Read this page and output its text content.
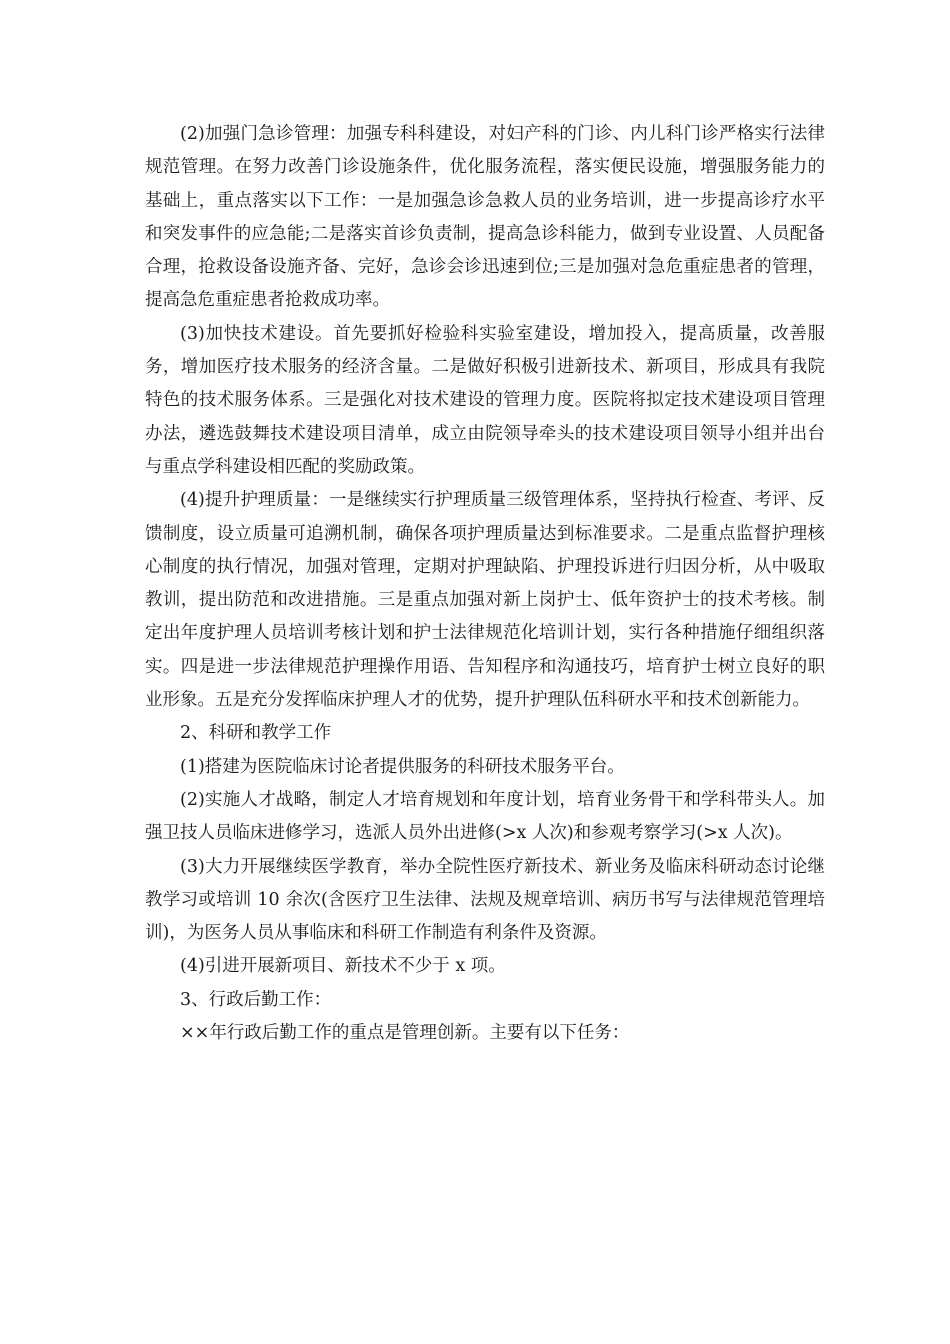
(2)加强门急诊管理：加强专科科建设，对妇产科的门诊、内儿科门诊严格实行法律规范管理。在努力改善门诊设施条件，优化服务流程，落实便民设施，增强服务能力的基础上，重点落实以下工作：一是加强急诊急救人员的业务培训，进一步提高诊疗水平和突发事件的应急能;二是落实首诊负责制，提高急诊科能力，做到专业设置、人员配备合理，抢救设备设施齐备、完好，急诊会诊迅速到位;三是加强对急危重症患者的管理，提高急危重症患者抢救成功率。

(3)加快技术建设。首先要抓好检验科实验室建设，增加投入，提高质量，改善服务，增加医疗技术服务的经济含量。二是做好积极引进新技术、新项目，形成具有我院特色的技术服务体系。三是强化对技术建设的管理力度。医院将拟定技术建设项目管理办法，遴选鼓舞技术建设项目清单，成立由院领导牵头的技术建设项目领导小组并出台与重点学科建设相匹配的奖励政策。

(4)提升护理质量：一是继续实行护理质量三级管理体系，坚持执行检查、考评、反馈制度，设立质量可追溯机制，确保各项护理质量达到标准要求。二是重点监督护理核心制度的执行情况，加强对管理，定期对护理缺陷、护理投诉进行归因分析，从中吸取教训，提出防范和改进措施。三是重点加强对新上岗护士、低年资护士的技术考核。制定出年度护理人员培训考核计划和护士法律规范化培训计划，实行各种措施仔细组织落实。四是进一步法律规范护理操作用语、告知程序和沟通技巧，培育护士树立良好的职业形象。五是充分发挥临床护理人才的优势，提升护理队伍科研水平和技术创新能力。

2、科研和教学工作

(1)搭建为医院临床讨论者提供服务的科研技术服务平台。

(2)实施人才战略，制定人才培育规划和年度计划，培育业务骨干和学科带头人。加强卫技人员临床进修学习，选派人员外出进修(>x 人次)和参观考察学习(>x 人次)。

(3)大力开展继续医学教育，举办全院性医疗新技术、新业务及临床科研动态讨论继教学习或培训 10 余次(含医疗卫生法律、法规及规章培训、病历书写与法律规范管理培训)，为医务人员从事临床和科研工作制造有利条件及资源。

(4)引进开展新项目、新技术不少于 x 项。

3、行政后勤工作：

××年行政后勤工作的重点是管理创新。主要有以下任务：
